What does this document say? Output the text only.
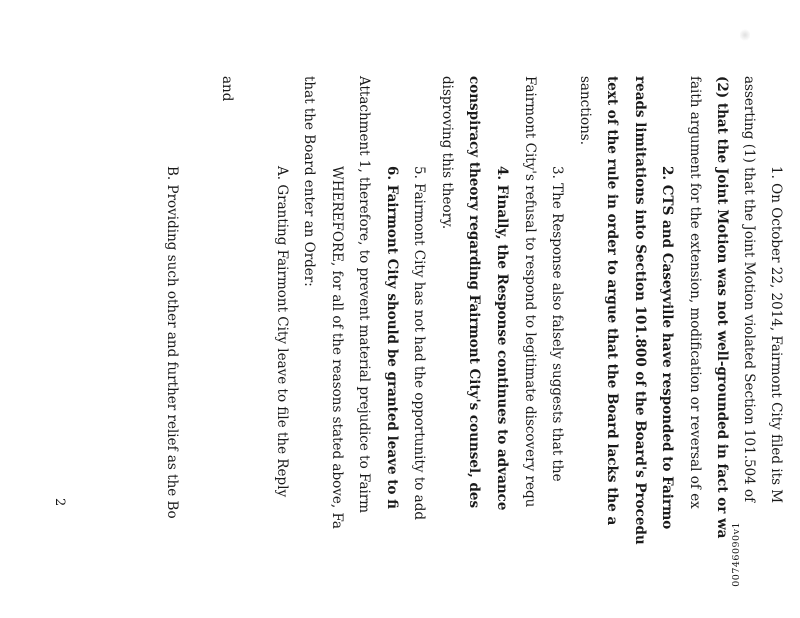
1. On October 22, 2014, Fairmont City filed its M
asserting (1) that the Joint Motion violated Section 101.504 of
(2) that the Joint Motion was not well-grounded in fact or wa
faith argument for the extension, modification or reversal of ex
2. CTS and Caseyville have responded to Fairmo
reads limitations into Section 101.800 of the Board's Procedu
text of the rule in order to argue that the Board lacks the a
sanctions.
3. The Response also falsely suggests that the
Fairmont City's refusal to respond to legitimate discovery requ
4. Finally, the Response continues to advance
conspiracy theory regarding Fairmont City's counsel, des
disproving this theory.
5. Fairmont City has not had the opportunity to add
6. Fairmont City should be granted leave to fi
Attachment 1, therefore, to prevent material prejudice to Fairm
WHEREFORE, for all of the reasons stated above, Fa
that the Board enter an Order:
A. Granting Fairmont City leave to file the Reply
and
B. Providing such other and further relief as the Bo
2
00746090v1
